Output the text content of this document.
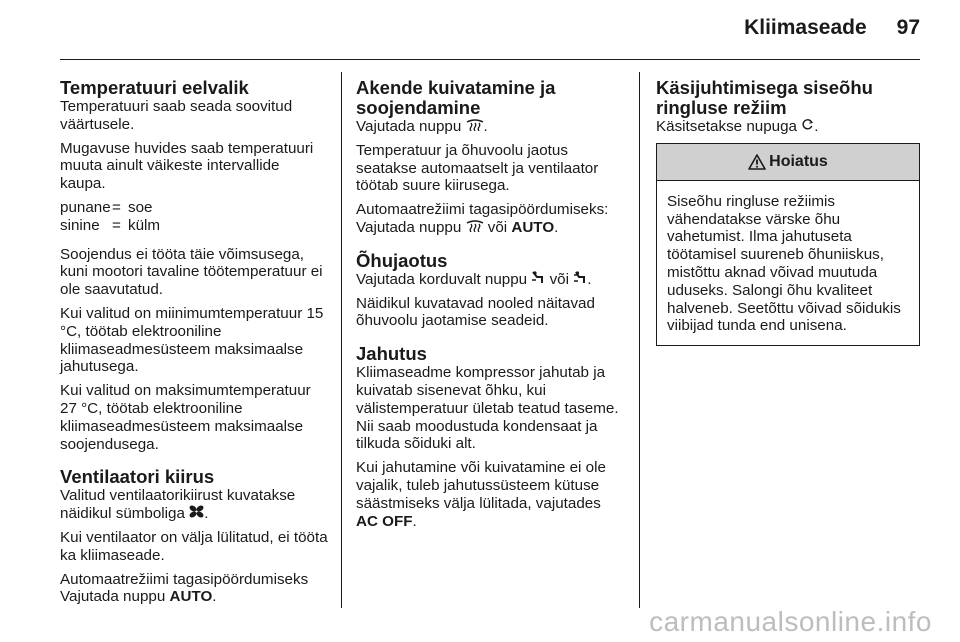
Kliimaseade 97
Temperatuuri eelvalik

Temperatuuri saab seada soovitud väärtusele.

Mugavuse huvides saab temperatuuri muuta ainult väikeste intervallide kaupa.

punane = soe
sinine = külm

Soojendus ei tööta täie võimsusega, kuni mootori tavaline töötemperatuur ei ole saavutatud.

Kui valitud on miinimumtemperatuur 15 °C, töötab elektrooniline kliimaseadmesüsteem maksimaalse jahutusega.

Kui valitud on maksimumtemperatuur 27 °C, töötab elektrooniline kliimaseadmesüsteem maksimaalse soojendusega.

Ventilaatori kiirus

Valitud ventilaatorikiirust kuvatakse näidikul sümboliga .

Kui ventilaator on välja lülitatud, ei tööta ka kliimaseade.

Automaatrežiimi tagasipöördumiseks Vajutada nuppu AUTO.

Akende kuivatamine ja soojendamine

Vajutada nuppu .

Temperatuur ja õhuvoolu jaotus seatakse automaatselt ja ventilaator töötab suure kiirusega.

Automaatrežiimi tagasipöördumiseks: Vajutada nuppu  või AUTO.

Õhujaotus

Vajutada korduvalt nuppu  või .

Näidikul kuvatavad nooled näitavad õhuvoolu jaotamise seadeid.

Jahutus

Kliimaseadme kompressor jahutab ja kuivatab sisenevat õhku, kui välistemperatuur ületab teatud taseme. Nii saab moodustuda kondensaat ja tilkuda sõiduki alt.

Kui jahutamine või kuivatamine ei ole vajalik, tuleb jahutussüsteem kütuse säästmiseks välja lülitada, vajutades AC OFF.

Käsijuhtimisega siseõhu ringluse režiim

Käsitsetakse nupuga .

Hoiatus
Siseõhu ringluse režiimis vähendatakse värske õhu vahetumist. Ilma jahutuseta töötamisel suureneb õhuniiskus, mistõttu aknad võivad muutuda uduseks. Salongi õhu kvaliteet halveneb. Seetõttu võivad sõidukis viibijad tunda end unisena.
carmanualsonline.info
